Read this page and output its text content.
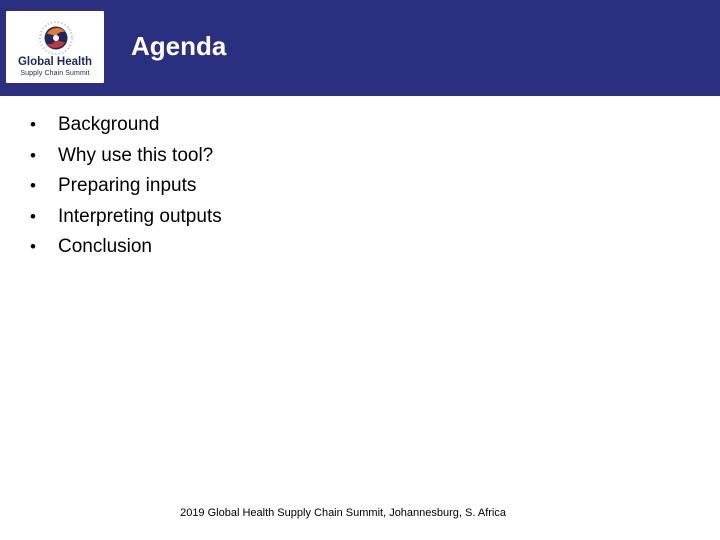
Global Health
Supply Chain Summit
Agenda
•	Background
•	Why use this tool?
•	Preparing inputs
•	Interpreting outputs
•	Conclusion
2019 Global Health Supply Chain Summit, Johannesburg, S. Africa
